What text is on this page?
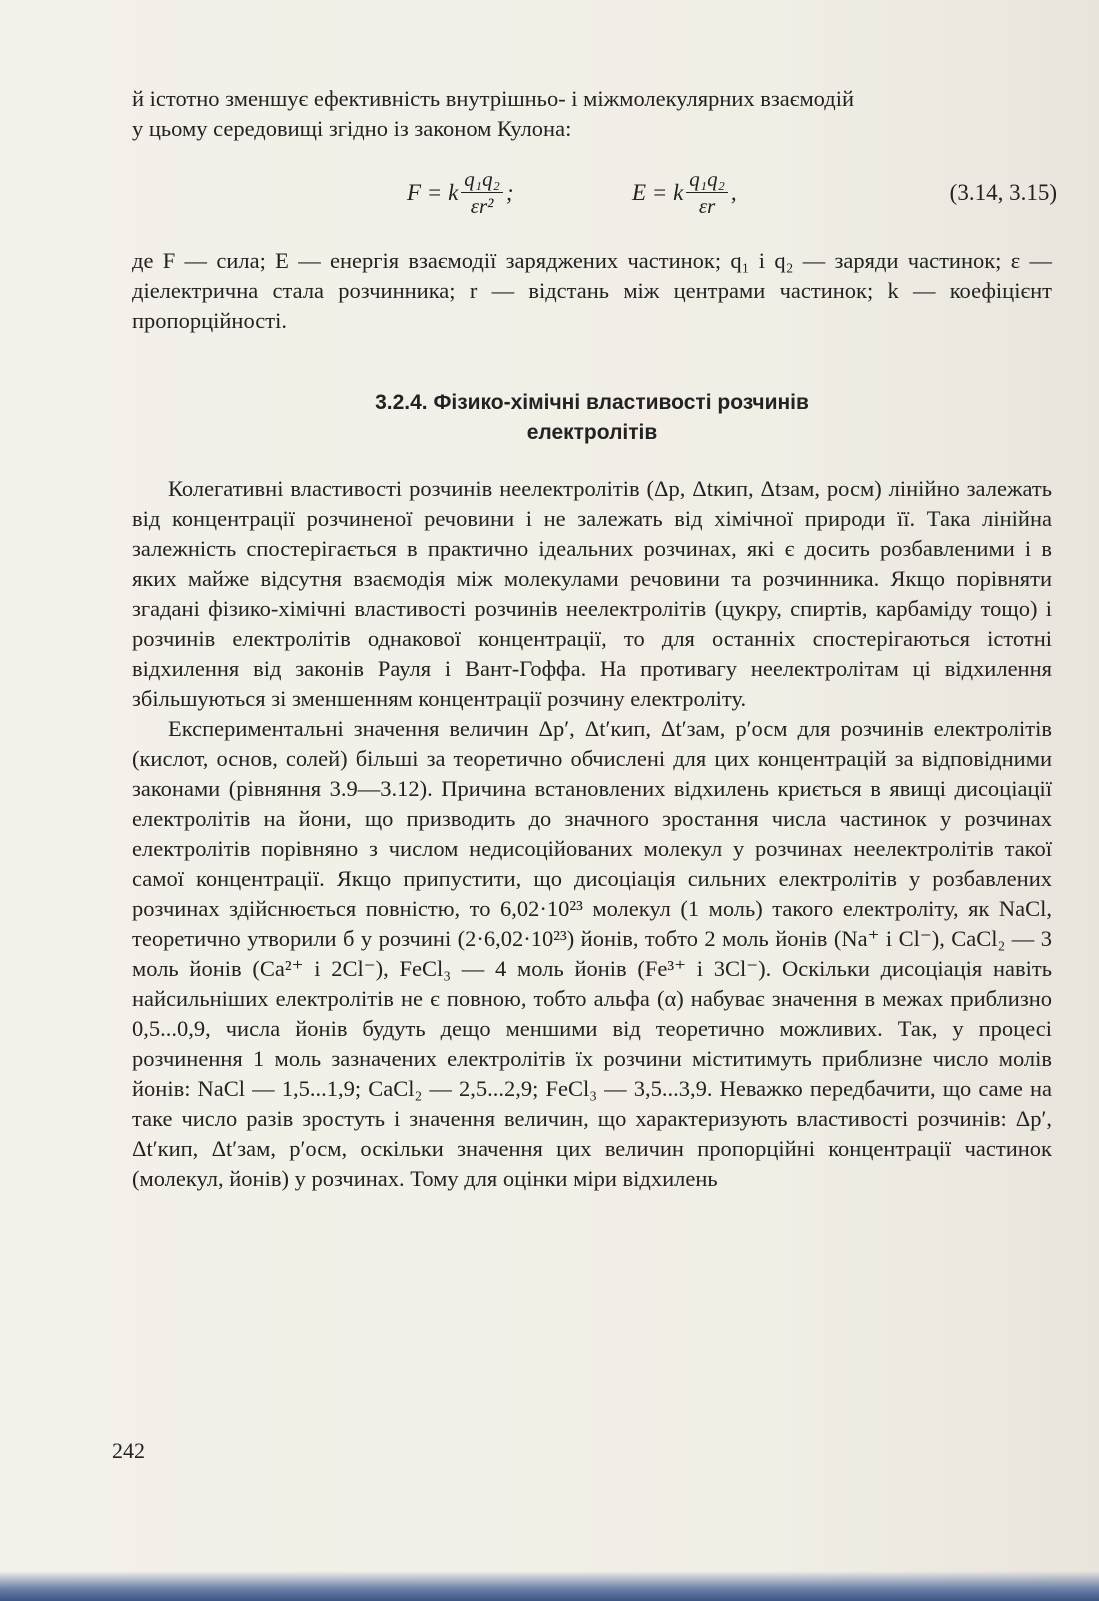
й істотно зменшує ефективність внутрішньо- і міжмолекулярних взаємодій

у цьому середовищі згідно із законом Кулона:

F = k $\frac{\text{q₁q₂}}{\text{εr²}}$ ;	E = k $\frac{\text{q₁q₂}}{\varepsilon r}$ ,	(3.14, 3.15)

де F — сила; E — енергія взаємодії заряджених частинок; q₁ і q₂ — заряди частинок; ε — діелектрична стала розчинника; r — відстань між центрами частинок; k — коефіцієнт пропорційності.

3.2.4. Фізико-хімічні властивості розчинів
електролітів

Колегативні властивості розчинів неелектролітів (Δp, Δtкип, Δtзам, pосм) лінійно залежать від концентрації розчиненої речовини і не залежать від хімічної природи її. Така лінійна залежність спостерігається в практично ідеальних розчинах, які є досить розбавленими і в яких майже відсутня взаємодія між молекулами речовини та розчинника. Якщо порівняти згадані фізико-хімічні властивості розчинів неелектролітів (цукру, спиртів, карбаміду тощо) і розчинів електролітів однакової концентрації, то для останніх спостерігаються істотні відхилення від законів Рауля і Вант-Гоффа. На противагу неелектролітам ці відхилення збільшуються зі зменшенням концентрації розчину електроліту.

Експериментальні значення величин Δp′, Δt′кип, Δt′зам, p′осм для розчинів електролітів (кислот, основ, солей) більші за теоретично обчислені для цих концентрацій за відповідними законами (рівняння 3.9—3.12). Причина встановлених відхилень криється в явищі дисоціації електролітів на йони, що призводить до значного зростання числа частинок у розчинах електролітів порівняно з числом недисоційованих молекул у розчинах неелектролітів такої самої концентрації. Якщо припустити, що дисоціація сильних електролітів у розбавлених розчинах здійснюється повністю, то 6,02·10²³ молекул (1 моль) такого електроліту, як NaCl, теоретично утворили б у розчині (2·6,02·10²³) йонів, тобто 2 моль йонів (Na⁺ і Cl⁻), CaCl₂ — 3 моль йонів (Ca²⁺ і 2Cl⁻), FeCl₃ — 4 моль йонів (Fe³⁺ і 3Cl⁻). Оскільки дисоціація навіть найсильніших електролітів не є повною, тобто альфа (α) набуває значення в межах приблизно 0,5...0,9, числа йонів будуть дещо меншими від теоретично можливих. Так, у процесі розчинення 1 моль зазначених електролітів їх розчини міститимуть приблизне число молів йонів: NaCl — 1,5...1,9; CaCl₂ — 2,5...2,9; FeCl₃ — 3,5...3,9. Неважко передбачити, що саме на таке число разів зростуть і значення величин, що характеризують властивості розчинів: Δp′, Δt′кип, Δt′зам, p′осм, оскільки значення цих величин пропорційні концентрації частинок (молекул, йонів) у розчинах. Тому для оцінки міри відхилень

242
